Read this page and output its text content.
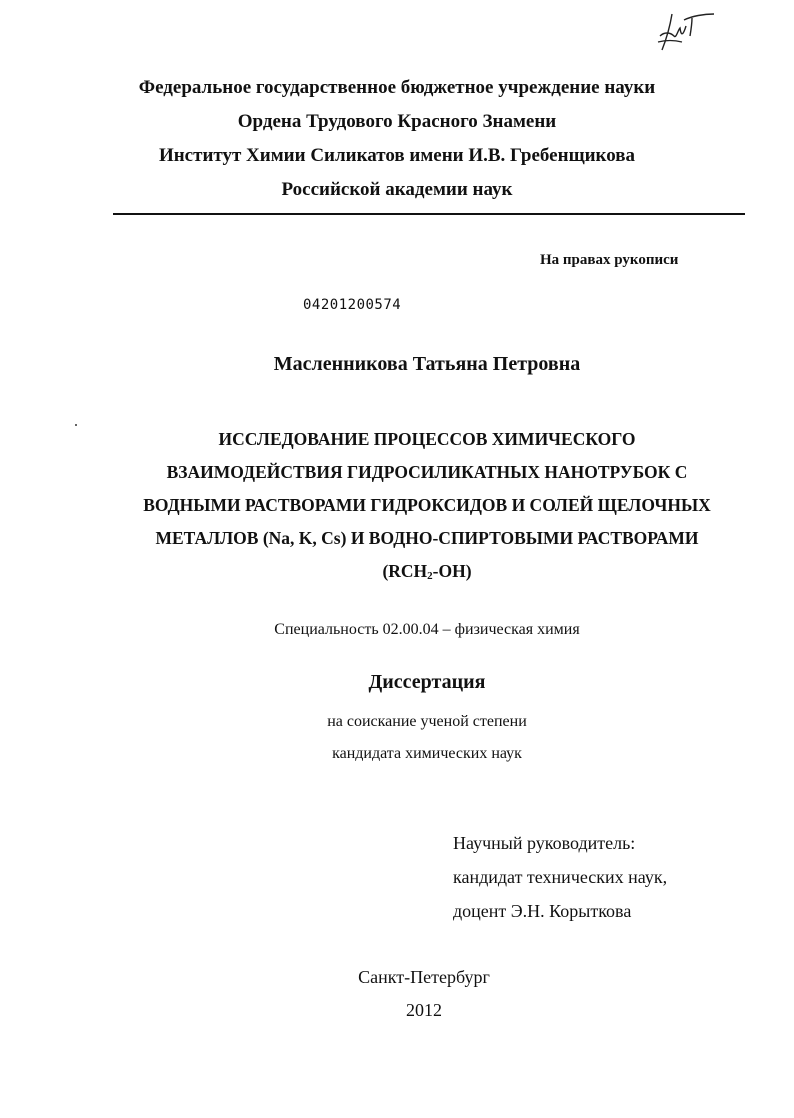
Федеральное государственное бюджетное учреждение науки

Ордена Трудового Красного Знамени

Институт Химии Силикатов имени И.В. Гребенщикова

Российской академии наук

На правах рукописи
04201200574
Масленникова Татьяна Петровна

ИССЛЕДОВАНИЕ ПРОЦЕССОВ ХИМИЧЕСКОГО

ВЗАИМОДЕЙСТВИЯ ГИДРОСИЛИКАТНЫХ НАНОТРУБОК С

ВОДНЫМИ РАСТВОРАМИ ГИДРОКСИДОВ И СОЛЕЙ ЩЕЛОЧНЫХ

МЕТАЛЛОВ (Na, K, Cs) И ВОДНО-СПИРТОВЫМИ РАСТВОРАМИ

$(RCH_2-OH)$

Специальность 02.00.04 – физическая химия
Диссертация

на соискание ученой степени

кандидата химических наук

Научный руководитель:

кандидат технических наук,

доцент Э.Н. Корыткова

Санкт-Петербург
2012
